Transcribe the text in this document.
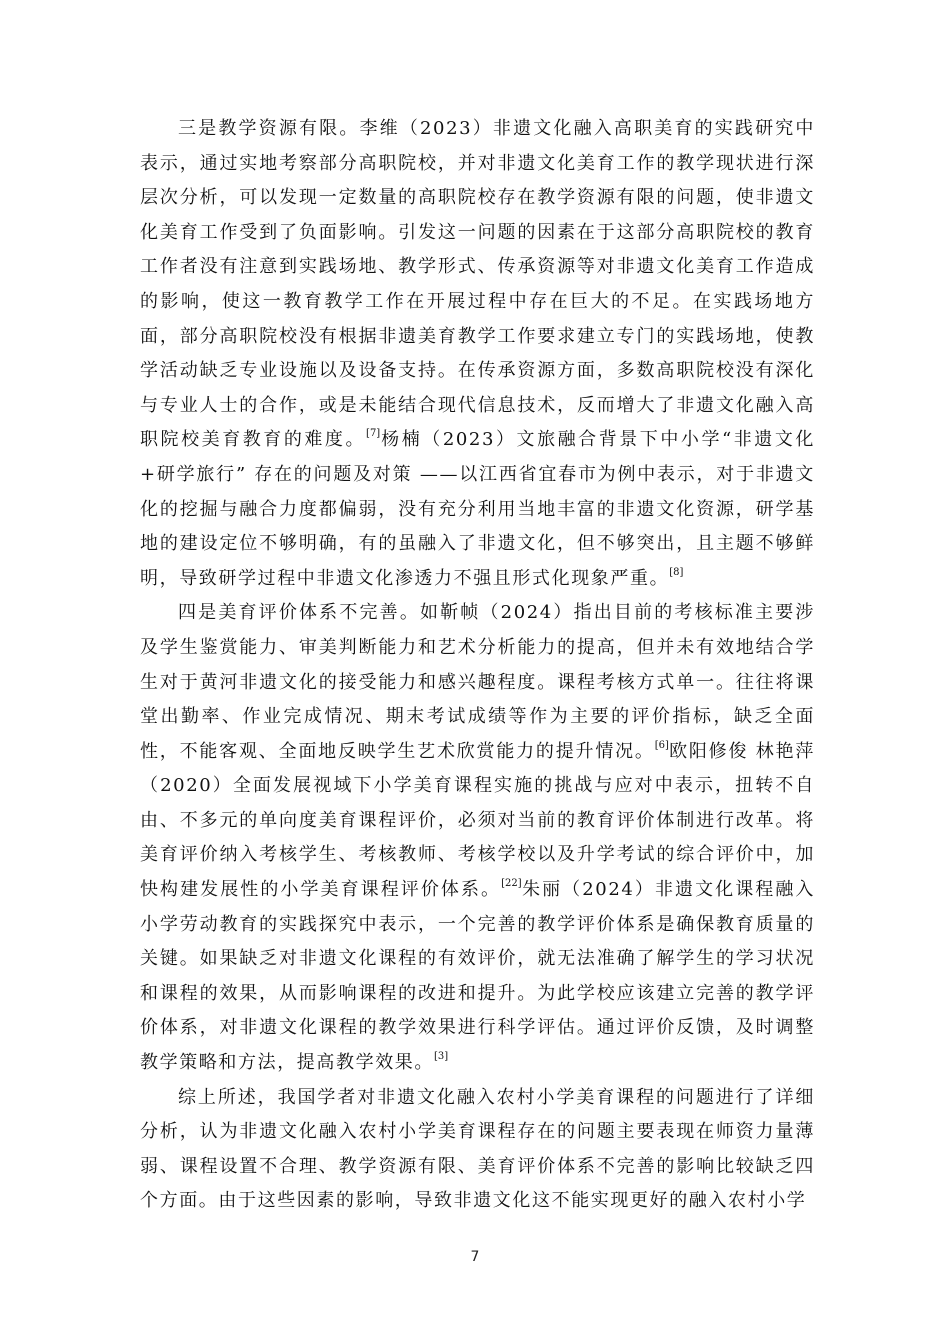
三是教学资源有限。李维（2023）非遗文化融入高职美育的实践研究中表示，通过实地考察部分高职院校，并对非遗文化美育工作的教学现状进行深层次分析，可以发现一定数量的高职院校存在教学资源有限的问题，使非遗文化美育工作受到了负面影响。引发这一问题的因素在于这部分高职院校的教育工作者没有注意到实践场地、教学形式、传承资源等对非遗文化美育工作造成的影响，使这一教育教学工作在开展过程中存在巨大的不足。在实践场地方面，部分高职院校没有根据非遗美育教学工作要求建立专门的实践场地，使教学活动缺乏专业设施以及设备支持。在传承资源方面，多数高职院校没有深化与专业人士的合作，或是未能结合现代信息技术，反而增大了非遗文化融入高职院校美育教育的难度。[7]杨楠（2023）文旅融合背景下中小学“非遗文化+研学旅行” 存在的问题及对策 ——以江西省宜春市为例中表示，对于非遗文化的挖掘与融合力度都偏弱，没有充分利用当地丰富的非遗文化资源，研学基地的建设定位不够明确，有的虽融入了非遗文化，但不够突出，且主题不够鲜明，导致研学过程中非遗文化渗透力不强且形式化现象严重。[8]

四是美育评价体系不完善。如靳帧（2024）指出目前的考核标准主要涉及学生鉴赏能力、审美判断能力和艺术分析能力的提高，但并未有效地结合学生对于黄河非遗文化的接受能力和感兴趣程度。课程考核方式单一。往往将课堂出勤率、作业完成情况、期末考试成绩等作为主要的评价指标，缺乏全面性，不能客观、全面地反映学生艺术欣赏能力的提升情况。[6]欧阳修俊 林艳萍（2020）全面发展视域下小学美育课程实施的挑战与应对中表示，扭转不自由、不多元的单向度美育课程评价，必须对当前的教育评价体制进行改革。将美育评价纳入考核学生、考核教师、考核学校以及升学考试的综合评价中，加快构建发展性的小学美育课程评价体系。[22]朱丽（2024）非遗文化课程融入小学劳动教育的实践探究中表示，一个完善的教学评价体系是确保教育质量的关键。如果缺乏对非遗文化课程的有效评价，就无法准确了解学生的学习状况和课程的效果，从而影响课程的改进和提升。为此学校应该建立完善的教学评价体系，对非遗文化课程的教学效果进行科学评估。通过评价反馈，及时调整教学策略和方法，提高教学效果。[3]

综上所述，我国学者对非遗文化融入农村小学美育课程的问题进行了详细分析，认为非遗文化融入农村小学美育课程存在的问题主要表现在师资力量薄弱、课程设置不合理、教学资源有限、美育评价体系不完善的影响比较缺乏四个方面。由于这些因素的影响，导致非遗文化这不能实现更好的融入农村小学

7
